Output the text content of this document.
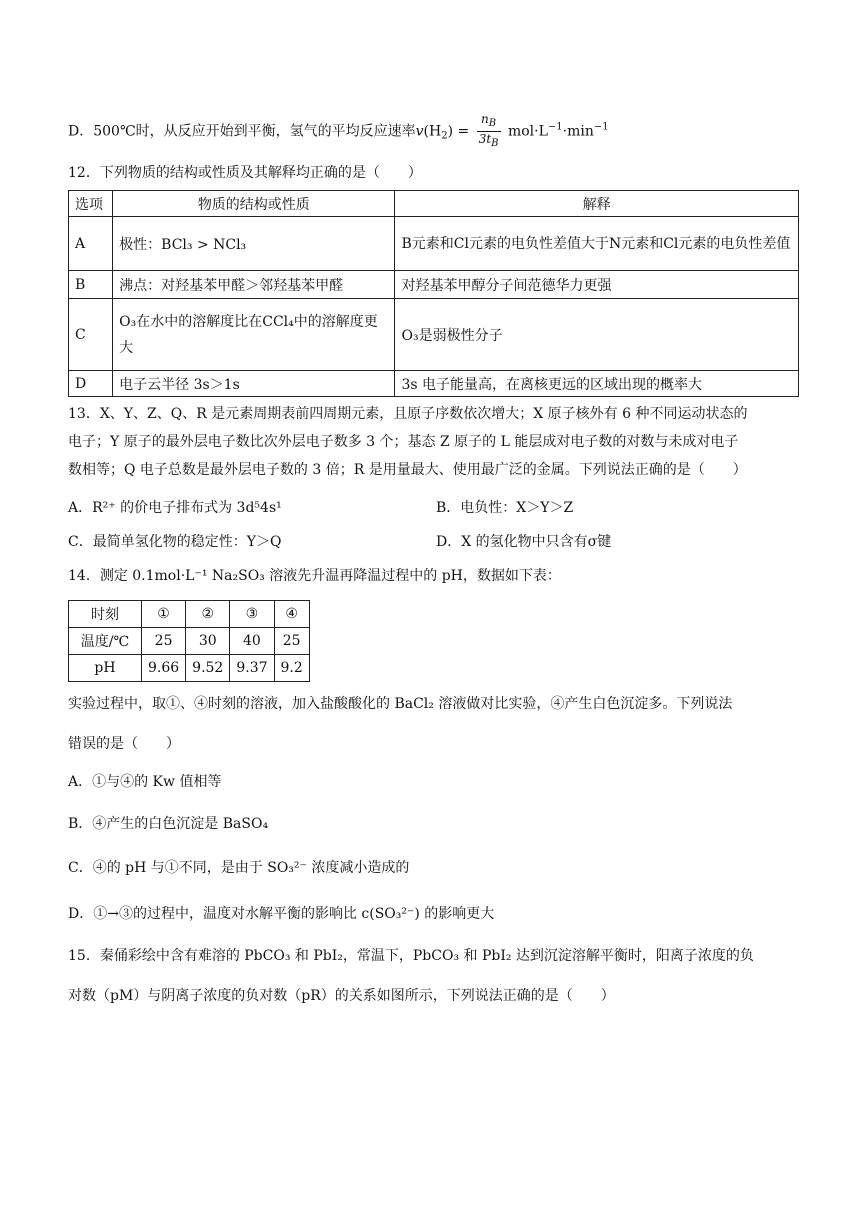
D．500℃时，从反应开始到平衡，氢气的平均反应速率$v(H_2) = \frac{n_B}{3t_B} mol\cdot L^{-1}\cdot\min^{-1}$
12．下列物质的结构或性质及其解释均正确的是（　　）
选项	物质的结构或性质	解释
A	极性：BCl₃ > NCl₃	B元素和Cl元素的电负性差值大于N元素和Cl元素的电负性差值
B	沸点：对羟基苯甲醛＞邻羟基苯甲醛	对羟基苯甲醇分子间范德华力更强
C	O₃在水中的溶解度比在CCl₄中的溶解度更大	O₃是弱极性分子
D	电子云半径 3s＞1s	3s 电子能量高，在离核更远的区域出现的概率大
13．X、Y、Z、Q、R 是元素周期表前四周期元素，且原子序数依次增大；X 原子核外有 6 种不同运动状态的
电子；Y 原子的最外层电子数比次外层电子数多 3 个；基态 Z 原子的 L 能层成对电子数的对数与未成对电子
数相等；Q 电子总数是最外层电子数的 3 倍；R 是用量最大、使用最广泛的金属。下列说法正确的是（　　）
A．R²⁺ 的价电子排布式为 3d⁵4s¹	B．电负性：X＞Y＞Z
C．最简单氢化物的稳定性：Y＞Q	D．X 的氢化物中只含有σ键
14．测定 0.1mol·L⁻¹ Na₂SO₃ 溶液先升温再降温过程中的 pH，数据如下表：
时刻	①	②	③	④
温度/℃	25	30	40	25
pH	9.66	9.52	9.37	9.2
实验过程中，取①、④时刻的溶液，加入盐酸酸化的 BaCl₂ 溶液做对比实验，④产生白色沉淀多。下列说法
错误的是（　　）
A．①与④的 Kw 值相等
B．④产生的白色沉淀是 BaSO₄
C．④的 pH 与①不同，是由于 SO₃²⁻ 浓度减小造成的
D．①→③的过程中，温度对水解平衡的影响比 c(SO₃²⁻) 的影响更大
15．秦俑彩绘中含有难溶的 PbCO₃ 和 PbI₂，常温下，PbCO₃ 和 PbI₂ 达到沉淀溶解平衡时，阳离子浓度的负
对数（pM）与阴离子浓度的负对数（pR）的关系如图所示，下列说法正确的是（　　）
